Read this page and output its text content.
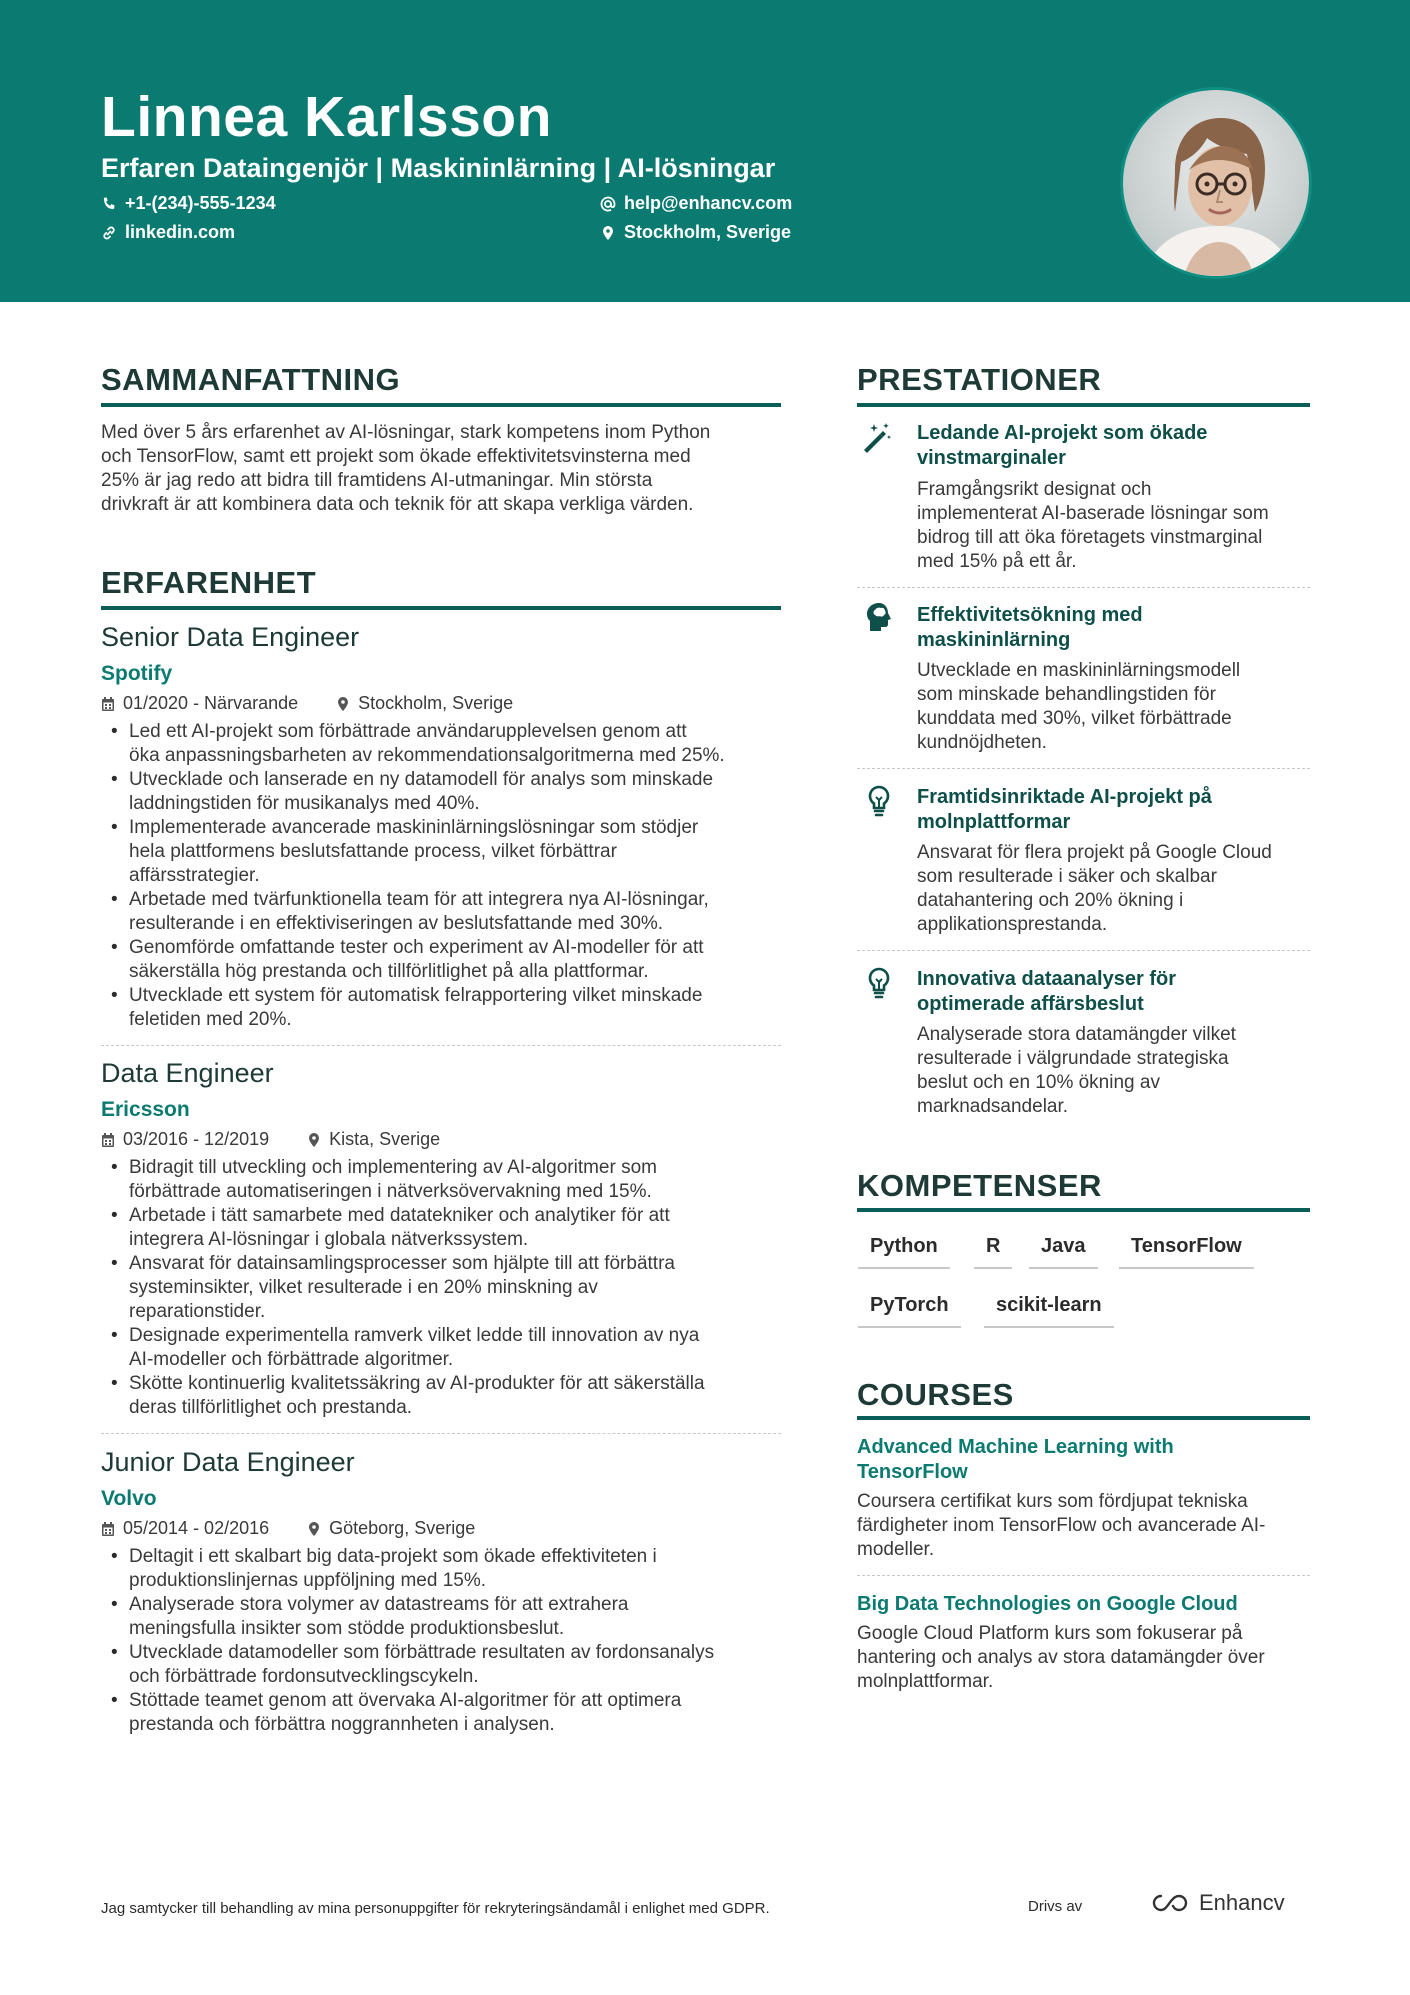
Linnea Karlsson
Erfaren Dataingenjör | Maskininlärning | AI-lösningar
+1-(234)-555-1234	help@enhancv.com
linkedin.com	Stockholm, Sverige
SAMMANFATTNING
Med över 5 års erfarenhet av AI-lösningar, stark kompetens inom Python
och TensorFlow, samt ett projekt som ökade effektivitetsvinsterna med
25% är jag redo att bidra till framtidens AI-utmaningar. Min största
drivkraft är att kombinera data och teknik för att skapa verkliga värden.
ERFARENHET
Senior Data Engineer
Spotify
01/2020 - Närvarande	Stockholm, Sverige
• Led ett AI-projekt som förbättrade användarupplevelsen genom att
öka anpassningsbarheten av rekommendationsalgoritmerna med 25%.
• Utvecklade och lanserade en ny datamodell för analys som minskade
laddningstiden för musikanalys med 40%.
• Implementerade avancerade maskininlärningslösningar som stödjer
hela plattformens beslutsfattande process, vilket förbättrar
affärsstrategier.
• Arbetade med tvärfunktionella team för att integrera nya AI-lösningar,
resulterande i en effektiviseringen av beslutsfattande med 30%.
• Genomförde omfattande tester och experiment av AI-modeller för att
säkerställa hög prestanda och tillförlitlighet på alla plattformar.
• Utvecklade ett system för automatisk felrapportering vilket minskade
feletiden med 20%.
Data Engineer
Ericsson
03/2016 - 12/2019	Kista, Sverige
• Bidragit till utveckling och implementering av AI-algoritmer som
förbättrade automatiseringen i nätverksövervakning med 15%.
• Arbetade i tätt samarbete med datatekniker och analytiker för att
integrera AI-lösningar i globala nätverkssystem.
• Ansvarat för datainsamlingsprocesser som hjälpte till att förbättra
systeminsikter, vilket resulterade i en 20% minskning av
reparationstider.
• Designade experimentella ramverk vilket ledde till innovation av nya
AI-modeller och förbättrade algoritmer.
• Skötte kontinuerlig kvalitetssäkring av AI-produkter för att säkerställa
deras tillförlitlighet och prestanda.
Junior Data Engineer
Volvo
05/2014 - 02/2016	Göteborg, Sverige
• Deltagit i ett skalbart big data-projekt som ökade effektiviteten i
produktionslinjernas uppföljning med 15%.
• Analyserade stora volymer av datastreams för att extrahera
meningsfulla insikter som stödde produktionsbeslut.
• Utvecklade datamodeller som förbättrade resultaten av fordonsanalys
och förbättrade fordonsutvecklingscykeln.
• Stöttade teamet genom att övervaka AI-algoritmer för att optimera
prestanda och förbättra noggrannheten i analysen.
PRESTATIONER
Ledande AI-projekt som ökade
vinstmarginaler
Framgångsrikt designat och
implementerat AI-baserade lösningar som
bidrog till att öka företagets vinstmarginal
med 15% på ett år.
Effektivitetsökning med
maskininlärning
Utvecklade en maskininlärningsmodell
som minskade behandlingstiden för
kunddata med 30%, vilket förbättrade
kundnöjdheten.
Framtidsinriktade AI-projekt på
molnplattformar
Ansvarat för flera projekt på Google Cloud
som resulterade i säker och skalbar
datahantering och 20% ökning i
applikationsprestanda.
Innovativa dataanalyser för
optimerade affärsbeslut
Analyserade stora datamängder vilket
resulterade i välgrundade strategiska
beslut och en 10% ökning av
marknadsandelar.
KOMPETENSER
Python	R	Java	TensorFlow
PyTorch	scikit-learn
COURSES
Advanced Machine Learning with
TensorFlow
Coursera certifikat kurs som fördjupat tekniska
färdigheter inom TensorFlow och avancerade AI-
modeller.
Big Data Technologies on Google Cloud
Google Cloud Platform kurs som fokuserar på
hantering och analys av stora datamängder över
molnplattformar.
Jag samtycker till behandling av mina personuppgifter för rekryteringsändamål i enlighet med GDPR.	Drivs av	Enhancv
